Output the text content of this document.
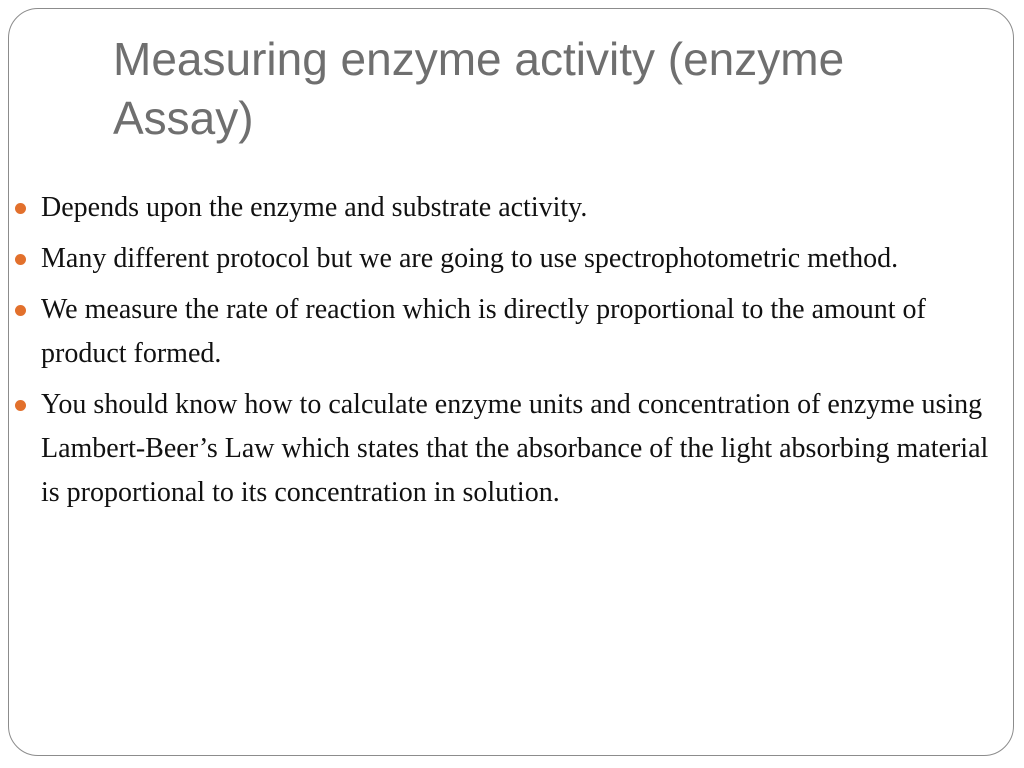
Measuring enzyme activity (enzyme Assay)
Depends upon the enzyme and substrate activity.
Many different protocol but we are going to use spectrophotometric method.
We measure the rate of reaction which is directly proportional to the amount of product formed.
You should know how to calculate enzyme units and concentration of enzyme using Lambert-Beer’s Law which states that the absorbance of the light absorbing material is proportional to its concentration in solution.
